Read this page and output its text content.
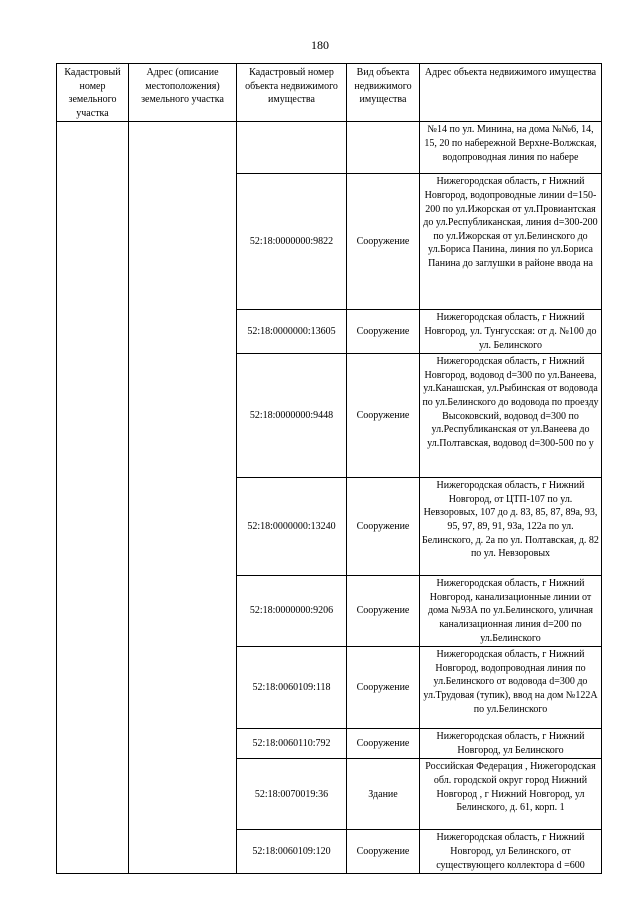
180
Кадастровый номер земельного участка	Адрес (описание местоположения) земельного участка	Кадастровый номер объекта недвижимого имущества	Вид объекта недвижимого имущества	Адрес объекта недвижимого имущества
				№14 по ул. Минина, на дома №№6, 14, 15, 20 по набережной Верхне-Волжская, водопроводная линия по наберe
		52:18:0000000:9822	Сооружение	Нижегородская область, г Нижний Новгород, водопроводные линии d=150-200 по ул.Ижорская от ул.Провиантская до ул.Республиканская, линия d=300-200 по ул.Ижорская от ул.Белинского до ул.Бориса Панина, линия по ул.Бориса Панина до заглушки в районе ввода на
		52:18:0000000:13605	Сооружение	Нижегородская область, г Нижний Новгород, ул. Тунгусская: от д. №100 до ул. Белинского
		52:18:0000000:9448	Сооружение	Нижегородская область, г Нижний Новгород, водовод d=300 по ул.Ванеева, ул.Канашская, ул.Рыбинская от водовода по ул.Белинского до водовода по проезду Высоковский, водовод d=300 по ул.Республиканская от ул.Ванеева до ул.Полтавская, водовод d=300-500 по у
		52:18:0000000:13240	Сооружение	Нижегородская область, г Нижний Новгород, от ЦТП-107 по ул. Невзоровых, 107 до д. 83, 85, 87, 89а, 93, 95, 97, 89, 91, 93а, 122а по ул. Белинского, д. 2а по ул. Полтавская, д. 82 по ул. Невзоровых
		52:18:0000000:9206	Сооружение	Нижегородская область, г Нижний Новгород, канализационные линии от дома №93А по ул.Белинского, уличная канализационная линия d=200 по ул.Белинского
		52:18:0060109:118	Сооружение	Нижегородская область, г Нижний Новгород, водопроводная линия по ул.Белинского от водовода d=300 до ул.Трудовая (тупик), ввод на дом №122А по ул.Белинского
		52:18:0060110:792	Сооружение	Нижегородская область, г Нижний Новгород, ул Белинского
		52:18:0070019:36	Здание	Российская Федерация , Нижегородская обл. городской округ город Нижний Новгород , г Нижний Новгород, ул Белинского, д. 61, корп. 1
		52:18:0060109:120	Сооружение	Нижегородская область, г Нижний Новгород, ул Белинского, от существующего коллектора d =600
